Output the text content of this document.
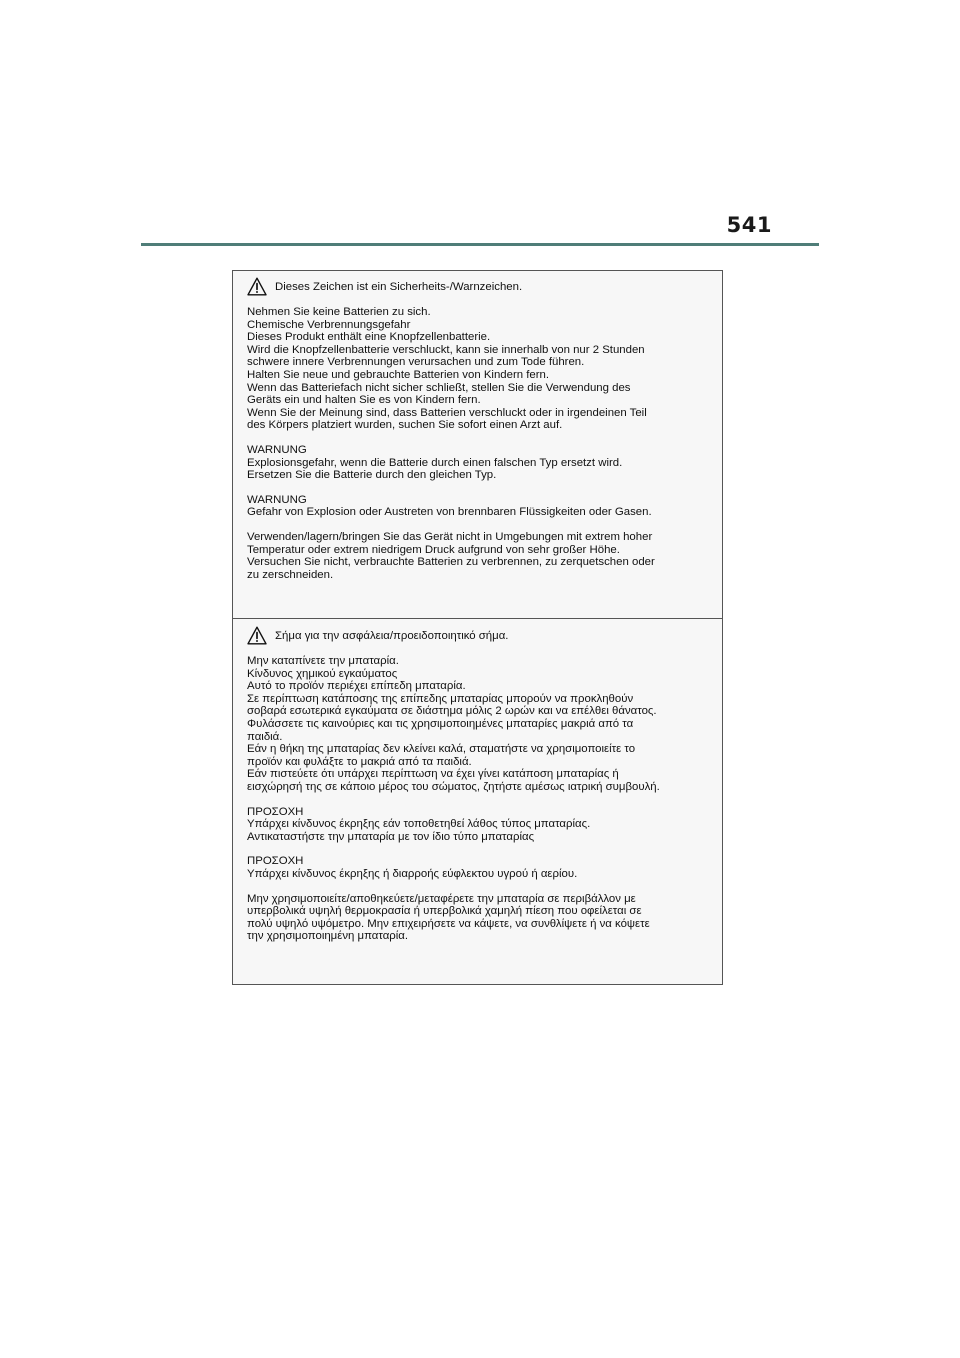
541
Dieses Zeichen ist ein Sicherheits-/Warnzeichen.
Nehmen Sie keine Batterien zu sich.
Chemische Verbrennungsgefahr
Dieses Produkt enthält eine Knopfzellenbatterie.
Wird die Knopfzellenbatterie verschluckt, kann sie innerhalb von nur 2 Stunden
schwere innere Verbrennungen verursachen und zum Tode führen.
Halten Sie neue und gebrauchte Batterien von Kindern fern.
Wenn das Batteriefach nicht sicher schließt, stellen Sie die Verwendung des
Geräts ein und halten Sie es von Kindern fern.
Wenn Sie der Meinung sind, dass Batterien verschluckt oder in irgendeinen Teil
des Körpers platziert wurden, suchen Sie sofort einen Arzt auf.
WARNUNG
Explosionsgefahr, wenn die Batterie durch einen falschen Typ ersetzt wird.
Ersetzen Sie die Batterie durch den gleichen Typ.
WARNUNG
Gefahr von Explosion oder Austreten von brennbaren Flüssigkeiten oder Gasen.
Verwenden/lagern/bringen Sie das Gerät nicht in Umgebungen mit extrem hoher
Temperatur oder extrem niedrigem Druck aufgrund von sehr großer Höhe.
Versuchen Sie nicht, verbrauchte Batterien zu verbrennen, zu zerquetschen oder
zu zerschneiden.
Σήμα για την ασφάλεια/προειδοποιητικό σήμα.
Μην καταπίνετε την μπαταρία.
Κίνδυνος χημικού εγκαύματος
Αυτό το προϊόν περιέχει επίπεδη μπαταρία.
Σε περίπτωση κατάποσης της επίπεδης μπαταρίας μπορούν να προκληθούν
σοβαρά εσωτερικά εγκαύματα σε διάστημα μόλις 2 ωρών και να επέλθει θάνατος.
Φυλάσσετε τις καινούριες και τις χρησιμοποιημένες μπαταρίες μακριά από τα
παιδιά.
Εάν η θήκη της μπαταρίας δεν κλείνει καλά, σταματήστε να χρησιμοποιείτε το
προϊόν και φυλάξτε το μακριά από τα παιδιά.
Εάν πιστεύετε ότι υπάρχει περίπτωση να έχει γίνει κατάποση μπαταρίας ή
εισχώρησή της σε κάποιο μέρος του σώματος, ζητήστε αμέσως ιατρική συμβουλή.
ΠΡΟΣΟΧΗ
Υπάρχει κίνδυνος έκρηξης εάν τοποθετηθεί λάθος τύπος μπαταρίας.
Αντικαταστήστε την μπαταρία με τον ίδιο τύπο μπαταρίας
ΠΡΟΣΟΧΗ
Υπάρχει κίνδυνος έκρηξης ή διαρροής εύφλεκτου υγρού ή αερίου.
Μην χρησιμοποιείτε/αποθηκεύετε/μεταφέρετε την μπαταρία σε περιβάλλον με
υπερβολικά υψηλή θερμοκρασία ή υπερβολικά χαμηλή πίεση που οφείλεται σε
πολύ υψηλό υψόμετρο. Μην επιχειρήσετε να κάψετε, να συνθλίψετε ή να κόψετε
την χρησιμοποιημένη μπαταρία.
